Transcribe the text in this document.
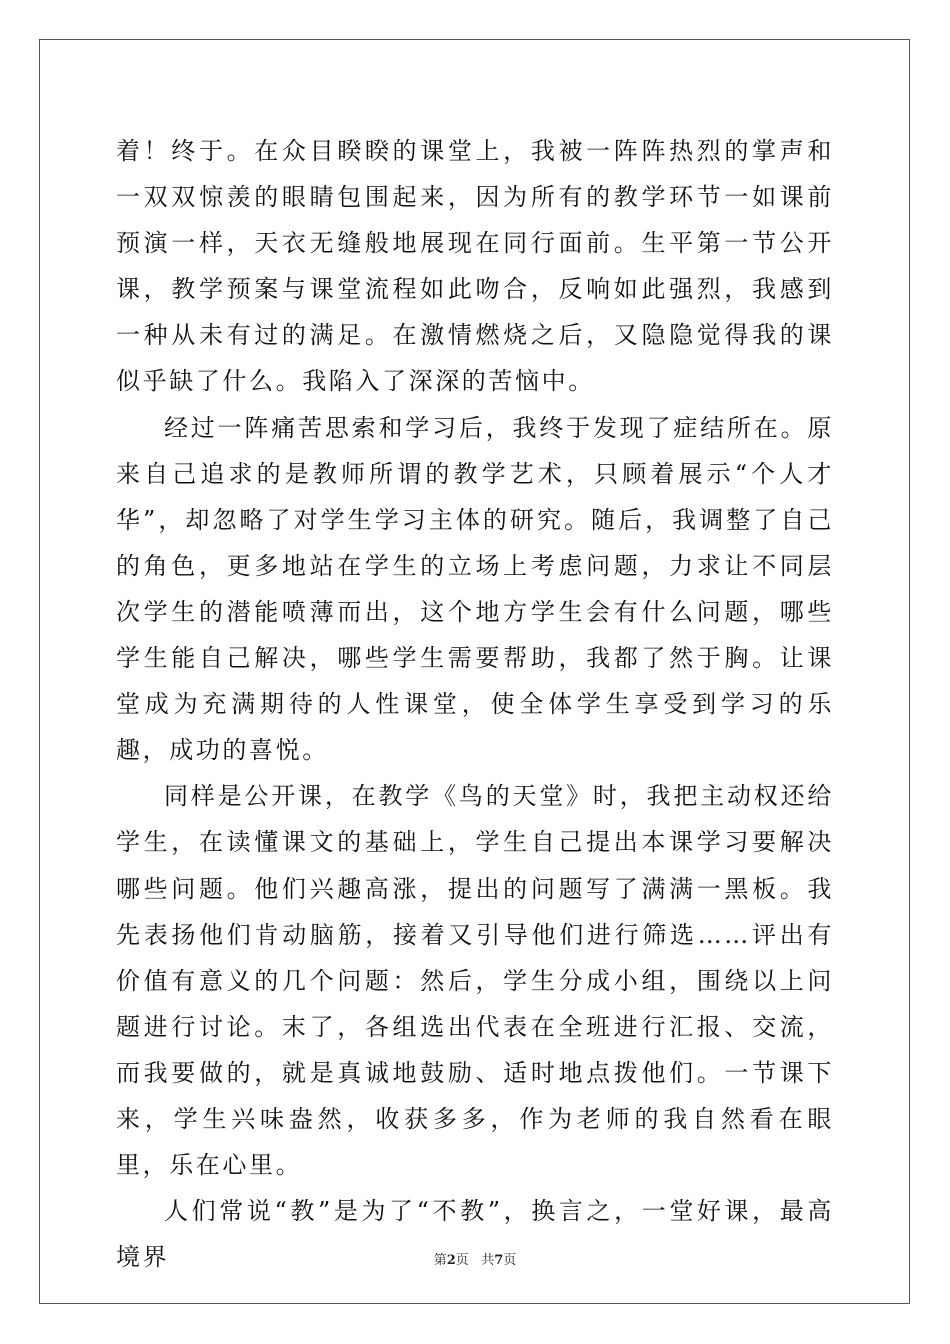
着！终于。在众目睽睽的课堂上，我被一阵阵热烈的掌声和一双双惊羡的眼睛包围起来，因为所有的教学环节一如课前预演一样，天衣无缝般地展现在同行面前。生平第一节公开课，教学预案与课堂流程如此吻合，反响如此强烈，我感到一种从未有过的满足。在激情燃烧之后，又隐隐觉得我的课似乎缺了什么。我陷入了深深的苦恼中。

经过一阵痛苦思索和学习后，我终于发现了症结所在。原来自己追求的是教师所谓的教学艺术，只顾着展示“个人才华”，却忽略了对学生学习主体的研究。随后，我调整了自己的角色，更多地站在学生的立场上考虑问题，力求让不同层次学生的潜能喷薄而出，这个地方学生会有什么问题，哪些学生能自己解决，哪些学生需要帮助，我都了然于胸。让课堂成为充满期待的人性课堂，使全体学生享受到学习的乐趣，成功的喜悦。

同样是公开课，在教学《鸟的天堂》时，我把主动权还给学生，在读懂课文的基础上，学生自己提出本课学习要解决哪些问题。他们兴趣高涨，提出的问题写了满满一黑板。我先表扬他们肯动脑筋，接着又引导他们进行筛选……评出有价值有意义的几个问题：然后，学生分成小组，围绕以上问题进行讨论。末了，各组选出代表在全班进行汇报、交流，而我要做的，就是真诚地鼓励、适时地点拨他们。一节课下来，学生兴味盎然，收获多多，作为老师的我自然看在眼里，乐在心里。

人们常说“教”是为了“不教”，换言之，一堂好课，最高境界	第2页 共7页
